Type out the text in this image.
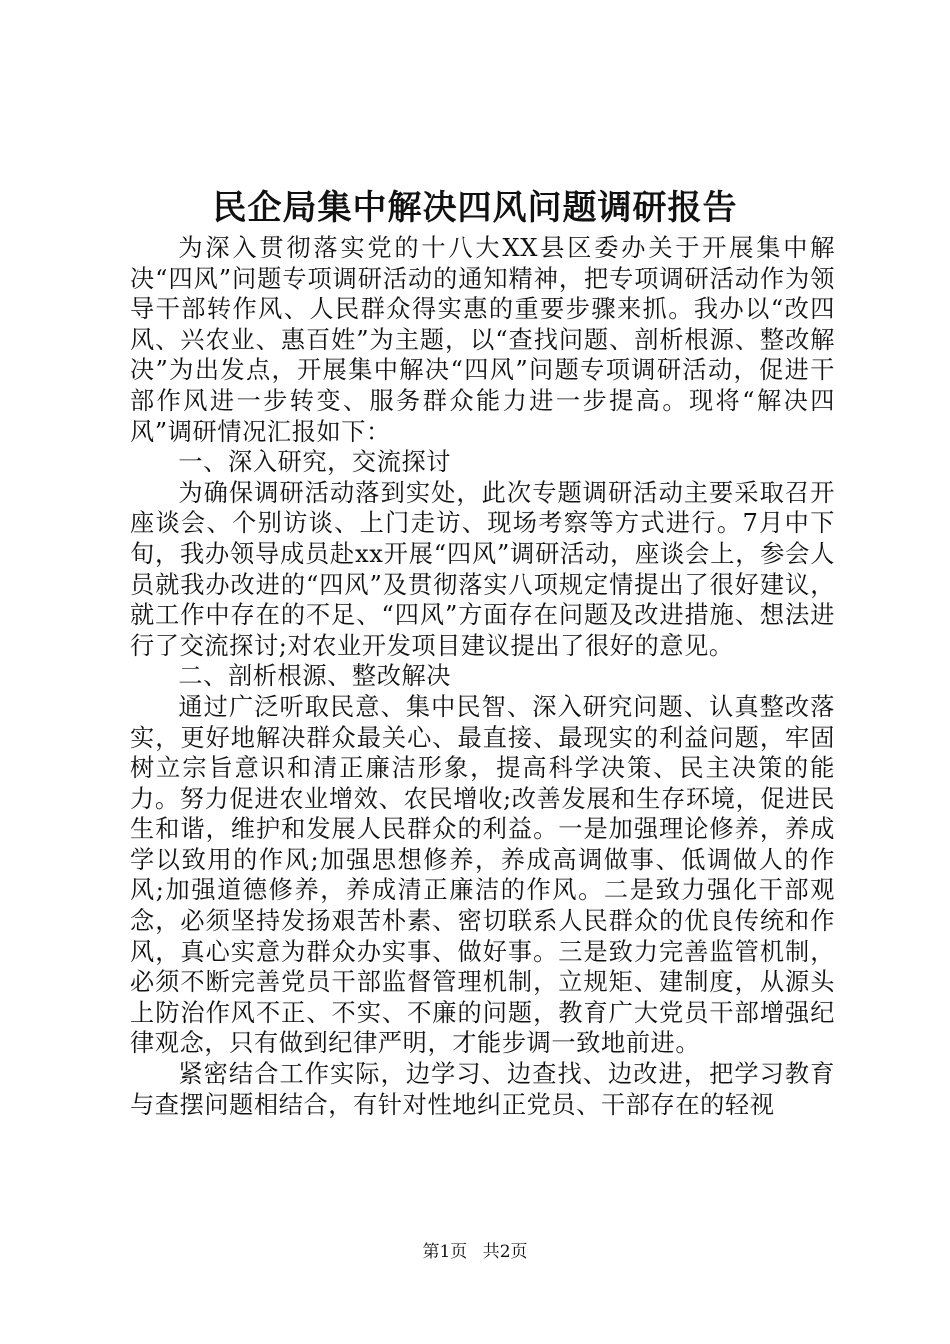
民企局集中解决四风问题调研报告

为深入贯彻落实党的十八大XX县区委办关于开展集中解决“四风”问题专项调研活动的通知精神，把专项调研活动作为领导干部转作风、人民群众得实惠的重要步骤来抓。我办以“改四风、兴农业、惠百姓”为主题，以“查找问题、剖析根源、整改解决”为出发点，开展集中解决“四风”问题专项调研活动，促进干部作风进一步转变、服务群众能力进一步提高。现将“解决四风”调研情况汇报如下：

一、深入研究，交流探讨

为确保调研活动落到实处，此次专题调研活动主要采取召开座谈会、个别访谈、上门走访、现场考察等方式进行。7月中下旬，我办领导成员赴xx开展“四风”调研活动，座谈会上，参会人员就我办改进的“四风”及贯彻落实八项规定情提出了很好建议，就工作中存在的不足、“四风”方面存在问题及改进措施、想法进行了交流探讨;对农业开发项目建议提出了很好的意见。

二、剖析根源、整改解决

通过广泛听取民意、集中民智、深入研究问题、认真整改落实，更好地解决群众最关心、最直接、最现实的利益问题，牢固树立宗旨意识和清正廉洁形象，提高科学决策、民主决策的能力。努力促进农业增效、农民增收;改善发展和生存环境，促进民生和谐，维护和发展人民群众的利益。一是加强理论修养，养成学以致用的作风;加强思想修养，养成高调做事、低调做人的作风;加强道德修养，养成清正廉洁的作风。二是致力强化干部观念，必须坚持发扬艰苦朴素、密切联系人民群众的优良传统和作风，真心实意为群众办实事、做好事。三是致力完善监管机制，必须不断完善党员干部监督管理机制，立规矩、建制度，从源头上防治作风不正、不实、不廉的问题，教育广大党员干部增强纪律观念，只有做到纪律严明，才能步调一致地前进。

紧密结合工作实际，边学习、边查找、边改进，把学习教育与查摆问题相结合，有针对性地纠正党员、干部存在的轻视

第1页 共2页
